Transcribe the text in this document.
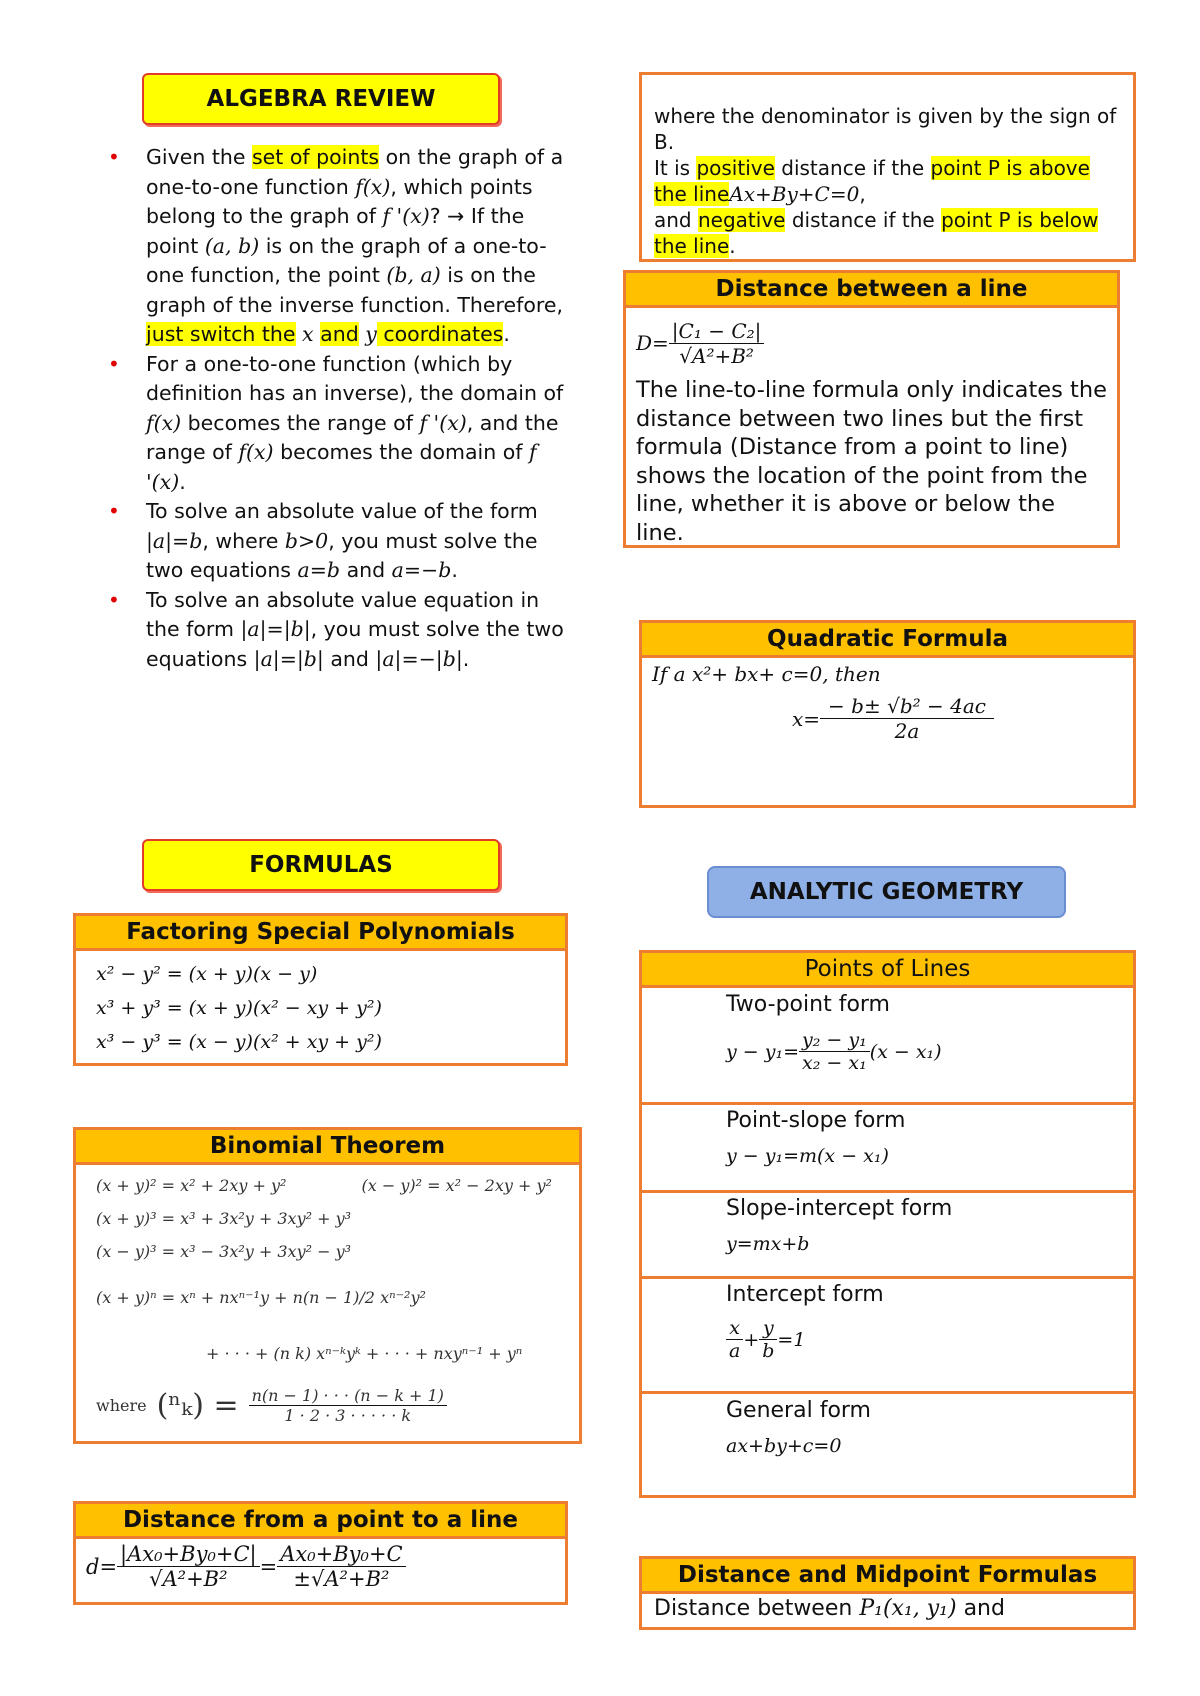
ALGEBRA REVIEW
• Given the set of points on the graph of a one-to-one function f(x), which points belong to the graph of f '(x)? → If the point (a, b) is on the graph of a one-to-one function, the point (b, a) is on the graph of the inverse function. Therefore, just switch the x and y coordinates.
• For a one-to-one function (which by definition has an inverse), the domain of f(x) becomes the range of f '(x), and the range of f(x) becomes the domain of f '(x).
• To solve an absolute value of the form |a|=b, where b>0, you must solve the two equations a=b and a=−b.
• To solve an absolute value equation in the form |a|=|b|, you must solve the two equations |a|=|b| and |a|=−|b|.
FORMULAS
Factoring Special Polynomials
x² − y² = (x + y)(x − y)
x³ + y³ = (x + y)(x² − xy + y²)
x³ − y³ = (x − y)(x² + xy + y²)
Binomial Theorem
(x + y)² = x² + 2xy + y²	(x − y)² = x² − 2xy + y²
(x + y)³ = x³ + 3x²y + 3xy² + y³
(x − y)³ = x³ − 3x²y + 3xy² − y³
(x + y)ⁿ = xⁿ + nxⁿ⁻¹y + n(n − 1)/2 xⁿ⁻²y²
+ · · · + (n k) xⁿ⁻ᵏyᵏ + · · · + nxyⁿ⁻¹ + yⁿ
where $(^n_k) = \frac{n(n - 1) \cdot \cdot \cdot (n - k + 1)}{1 \cdot 2 \cdot 3 \cdot \cdot \cdot \cdot \cdot k}$
Distance from a point to a line
$d= \frac{\text{|Ax₀+By₀+C|}}{\text{√A²+B²}} = \frac{\text{Ax₀+By₀+C}}{\text{±√A²+B²}}$
where the denominator is given by the sign of B.
It is positive distance if the point P is above the lineAx+By+C=0,
and negative distance if the point P is below the line.
Distance between a line
$D= \frac{\text{|C₁ − C₂|}}{\text{√A²+B²}}$
The line-to-line formula only indicates the distance between two lines but the first formula (Distance from a point to line) shows the location of the point from the line, whether it is above or below the line.
Quadratic Formula
If a x²+ bx+ c=0, then
$x= \frac{\text{− b± √b² − 4ac}}{2a}$
ANALYTIC GEOMETRY
Points of Lines
Two-point form
$y - y_1= \frac{\text{y₂ − y₁}}{\text{x₂ − x₁}} (x - x_1)$
Point-slope form
y − y₁=m(x − x₁)
Slope-intercept form
y=mx+b
Intercept form
$\frac{x}{a} + \frac{y}{b} =1$
General form
ax+by+c=0
Distance and Midpoint Formulas
Distance between P₁(x₁, y₁) and
